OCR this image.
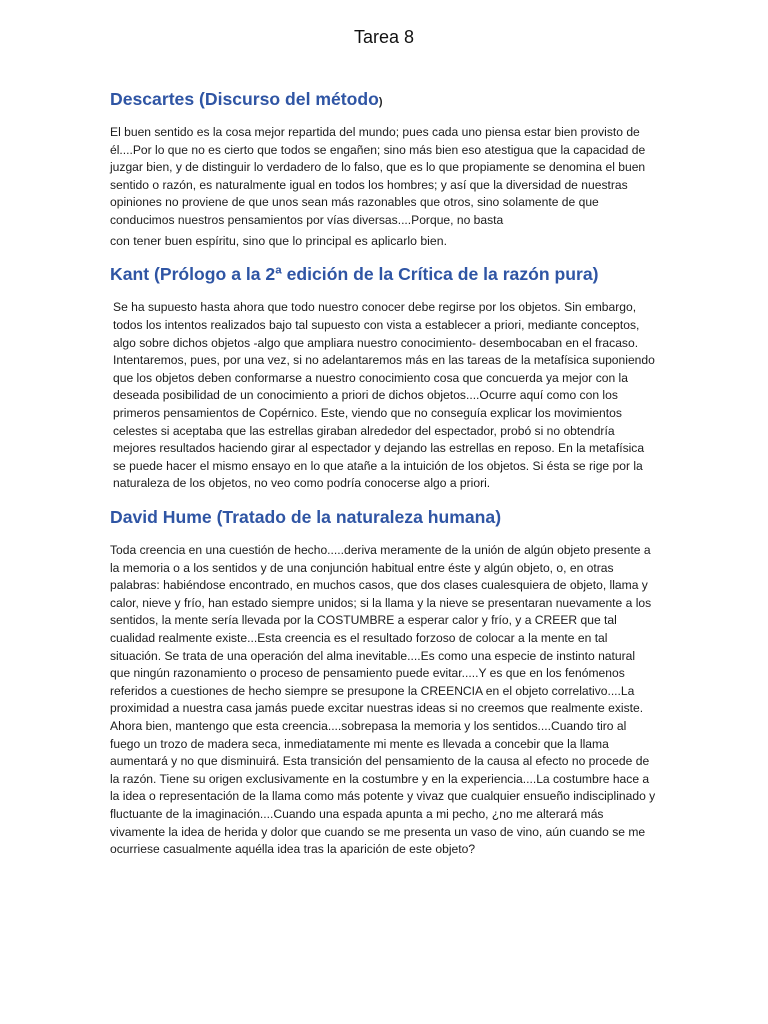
Tarea 8
Descartes (Discurso del método)

El buen sentido es la cosa mejor repartida del mundo; pues cada uno piensa estar bien provisto de él....Por lo que no es cierto que todos se engañen; sino más bien eso atestigua que la capacidad de juzgar bien, y de distinguir lo verdadero de lo falso, que es lo que propiamente se denomina el buen sentido o razón, es naturalmente igual en todos los hombres; y así que la diversidad de nuestras opiniones no proviene de que unos sean más razonables que otros, sino solamente de que conducimos nuestros pensamientos por vías diversas....Porque, no basta
con tener buen espíritu, sino que lo principal es aplicarlo bien.

Kant (Prólogo a la 2ª edición de la Crítica de la razón pura)

Se ha supuesto hasta ahora que todo nuestro conocer debe regirse por los objetos. Sin embargo, todos los intentos realizados bajo tal supuesto con vista a establecer a priori, mediante conceptos, algo sobre dichos objetos -algo que ampliara nuestro conocimiento- desembocaban en el fracaso. Intentaremos, pues, por una vez, si no adelantaremos más en las tareas de la metafísica suponiendo que los objetos deben conformarse a nuestro conocimiento cosa que concuerda ya mejor con la deseada posibilidad de un conocimiento a priori de dichos objetos....Ocurre aquí como con los primeros pensamientos de Copérnico. Este, viendo que no conseguía explicar los movimientos celestes si aceptaba que las estrellas giraban alrededor del espectador, probó si no obtendría mejores resultados haciendo girar al espectador y dejando las estrellas en reposo. En la metafísica se puede hacer el mismo ensayo en lo que atañe a la intuición de los objetos. Si ésta se rige por la naturaleza de los objetos, no veo como podría conocerse algo a priori.

David Hume (Tratado de la naturaleza humana)

Toda creencia en una cuestión de hecho.....deriva meramente de la unión de algún objeto presente a la memoria o a los sentidos y de una conjunción habitual entre éste y algún objeto, o, en otras palabras: habiéndose encontrado, en muchos casos, que dos clases cualesquiera de objeto, llama y calor, nieve y frío, han estado siempre unidos; si la llama y la nieve se presentaran nuevamente a los sentidos, la mente sería llevada por la COSTUMBRE a esperar calor y frío, y a CREER que tal cualidad realmente existe...Esta creencia es el resultado forzoso de colocar a la mente en tal situación. Se trata de una operación del alma inevitable....Es como una especie de instinto natural que ningún razonamiento o proceso de pensamiento puede evitar.....Y es que en los fenómenos referidos a cuestiones de hecho siempre se presupone la CREENCIA en el objeto correlativo....La proximidad a nuestra casa jamás puede excitar nuestras ideas si no creemos que realmente existe. Ahora bien, mantengo que esta creencia....sobrepasa la memoria y los sentidos....Cuando tiro al fuego un trozo de madera seca, inmediatamente mi mente es llevada a concebir que la llama aumentará y no que disminuirá. Esta transición del pensamiento de la causa al efecto no procede de la razón. Tiene su origen exclusivamente en la costumbre y en la experiencia....La costumbre hace a la idea o representación de la llama como más potente y vivaz que cualquier ensueño indisciplinado y fluctuante de la imaginación....Cuando una espada apunta a mi pecho, ¿no me alterará más vivamente la idea de herida y dolor que cuando se me presenta un vaso de vino, aún cuando se me ocurriese casualmente aquélla idea tras la aparición de este objeto?
